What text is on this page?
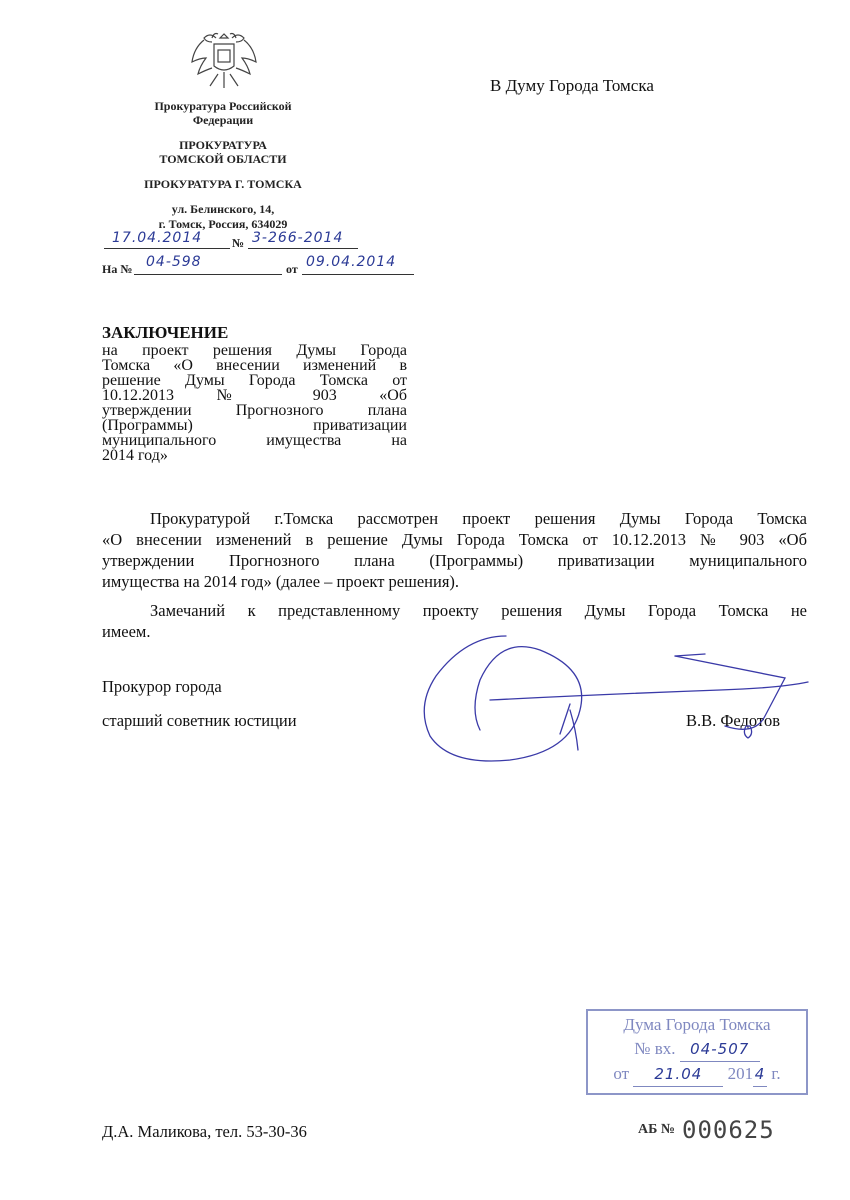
Прокуратура Российской
Федерации
ПРОКУРАТУРА
ТОМСКОЙ ОБЛАСТИ
ПРОКУРАТУРА Г. ТОМСКА
ул. Белинского, 14,
г. Томск, Россия, 634029
17.04.2014 № 3-266-2014
На № 04-598	от 09.04.2014
В Думу Города Томска
ЗАКЛЮЧЕНИЕ
на проект решения Думы Города
Томска «О внесении изменений в
решение Думы Города Томска от
10.12.2013 № 903 «Об
утверждении Прогнозного плана
(Программы) приватизации
муниципального имущества на
2014 год»
Прокуратурой г.Томска рассмотрен проект решения Думы Города Томска
«О внесении изменений в решение Думы Города Томска от 10.12.2013 № 903 «Об
утверждении Прогнозного плана (Программы) приватизации муниципального
имущества на 2014 год» (далее – проект решения).
Замечаний к представленному проекту решения Думы Города Томска не
имеем.
Прокурор города
старший советник юстиции	В.В. Федотов
Дума Города Томска
№ вх. 04-507
от 21.04 201 4 г.
Д.А. Маликова, тел. 53-30-36	АБ № 000625
